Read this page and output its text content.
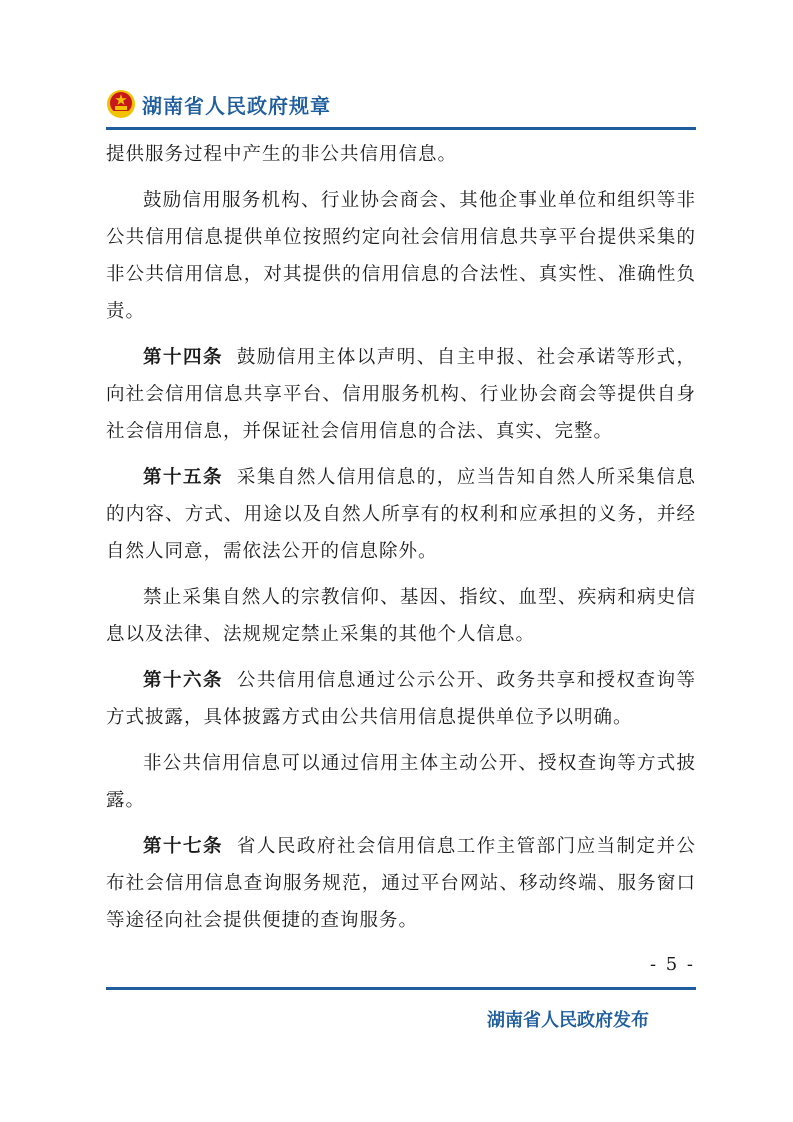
湖南省人民政府规章

提供服务过程中产生的非公共信用信息。

鼓励信用服务机构、行业协会商会、其他企事业单位和组织等非公共信用信息提供单位按照约定向社会信用信息共享平台提供采集的非公共信用信息，对其提供的信用信息的合法性、真实性、准确性负责。

第十四条 鼓励信用主体以声明、自主申报、社会承诺等形式，向社会信用信息共享平台、信用服务机构、行业协会商会等提供自身社会信用信息，并保证社会信用信息的合法、真实、完整。

第十五条 采集自然人信用信息的，应当告知自然人所采集信息的内容、方式、用途以及自然人所享有的权利和应承担的义务，并经自然人同意，需依法公开的信息除外。

禁止采集自然人的宗教信仰、基因、指纹、血型、疾病和病史信息以及法律、法规规定禁止采集的其他个人信息。

第十六条 公共信用信息通过公示公开、政务共享和授权查询等方式披露，具体披露方式由公共信用信息提供单位予以明确。

非公共信用信息可以通过信用主体主动公开、授权查询等方式披露。

第十七条 省人民政府社会信用信息工作主管部门应当制定并公布社会信用信息查询服务规范，通过平台网站、移动终端、服务窗口等途径向社会提供便捷的查询服务。

- 5 -
湖南省人民政府发布
